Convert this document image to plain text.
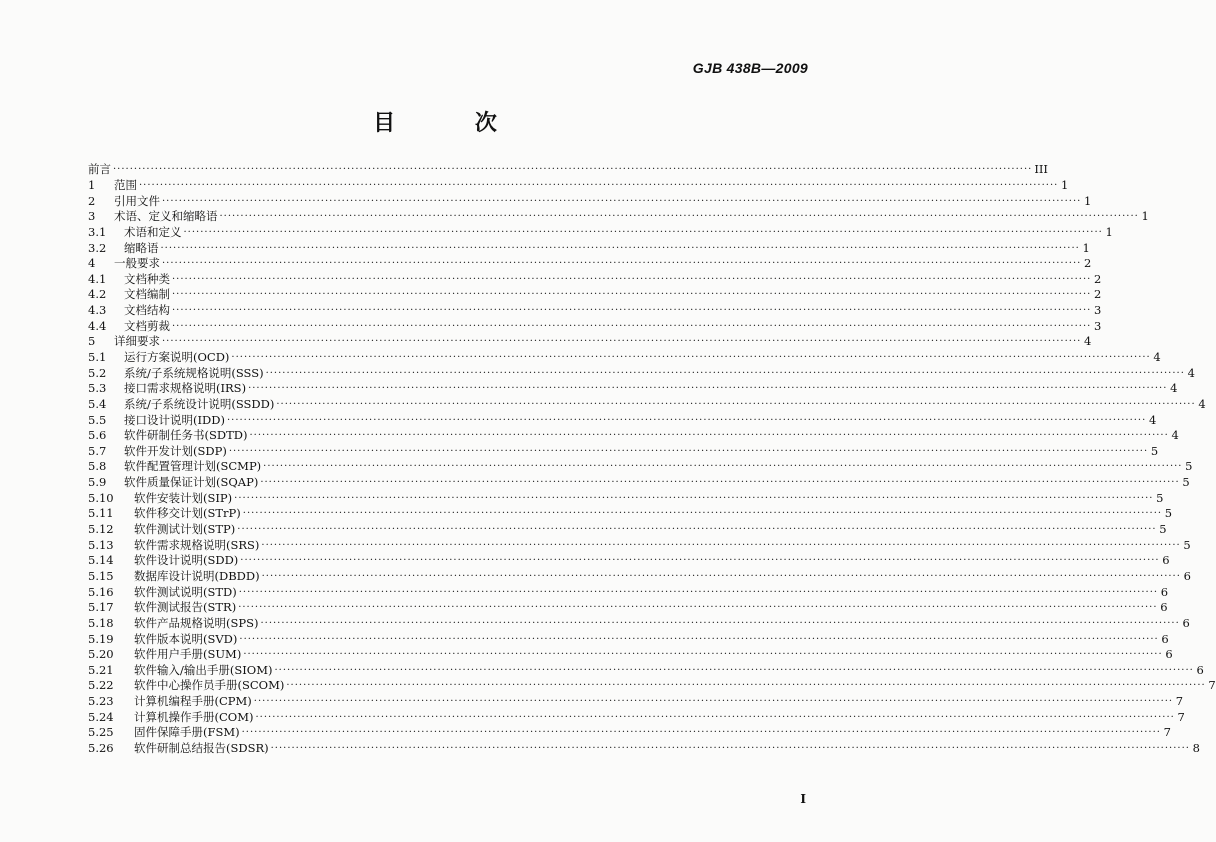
GJB 438B—2009
目 次
前言 ···························································································································································································································· III
1	范围 ···························································································································································································································· 1
2	引用文件 ···························································································································································································································· 1
3	术语、定义和缩略语 ···························································································································································································································· 1
3.1	术语和定义 ···························································································································································································································· 1
3.2	缩略语 ···························································································································································································································· 1
4	一般要求 ···························································································································································································································· 2
4.1	文档种类 ···························································································································································································································· 2
4.2	文档编制 ···························································································································································································································· 2
4.3	文档结构 ···························································································································································································································· 3
4.4	文档剪裁 ···························································································································································································································· 3
5	详细要求 ···························································································································································································································· 4
5.1	运行方案说明(OCD) ···························································································································································································································· 4
5.2	系统/子系统规格说明(SSS) ···························································································································································································································· 4
5.3	接口需求规格说明(IRS) ···························································································································································································································· 4
5.4	系统/子系统设计说明(SSDD) ···························································································································································································································· 4
5.5	接口设计说明(IDD) ···························································································································································································································· 4
5.6	软件研制任务书(SDTD) ···························································································································································································································· 4
5.7	软件开发计划(SDP) ···························································································································································································································· 5
5.8	软件配置管理计划(SCMP) ···························································································································································································································· 5
5.9	软件质量保证计划(SQAP) ···························································································································································································································· 5
5.10	软件安装计划(SIP) ···························································································································································································································· 5
5.11	软件移交计划(STrP) ···························································································································································································································· 5
5.12	软件测试计划(STP) ···························································································································································································································· 5
5.13	软件需求规格说明(SRS) ···························································································································································································································· 5
5.14	软件设计说明(SDD) ···························································································································································································································· 6
5.15	数据库设计说明(DBDD) ···························································································································································································································· 6
5.16	软件测试说明(STD) ···························································································································································································································· 6
5.17	软件测试报告(STR) ···························································································································································································································· 6
5.18	软件产品规格说明(SPS) ···························································································································································································································· 6
5.19	软件版本说明(SVD) ···························································································································································································································· 6
5.20	软件用户手册(SUM) ···························································································································································································································· 6
5.21	软件输入/输出手册(SIOM) ···························································································································································································································· 6
5.22	软件中心操作员手册(SCOM) ···························································································································································································································· 7
5.23	计算机编程手册(CPM) ···························································································································································································································· 7
5.24	计算机操作手册(COM) ···························································································································································································································· 7
5.25	固件保障手册(FSM) ···························································································································································································································· 7
5.26	软件研制总结报告(SDSR) ···························································································································································································································· 8
I
